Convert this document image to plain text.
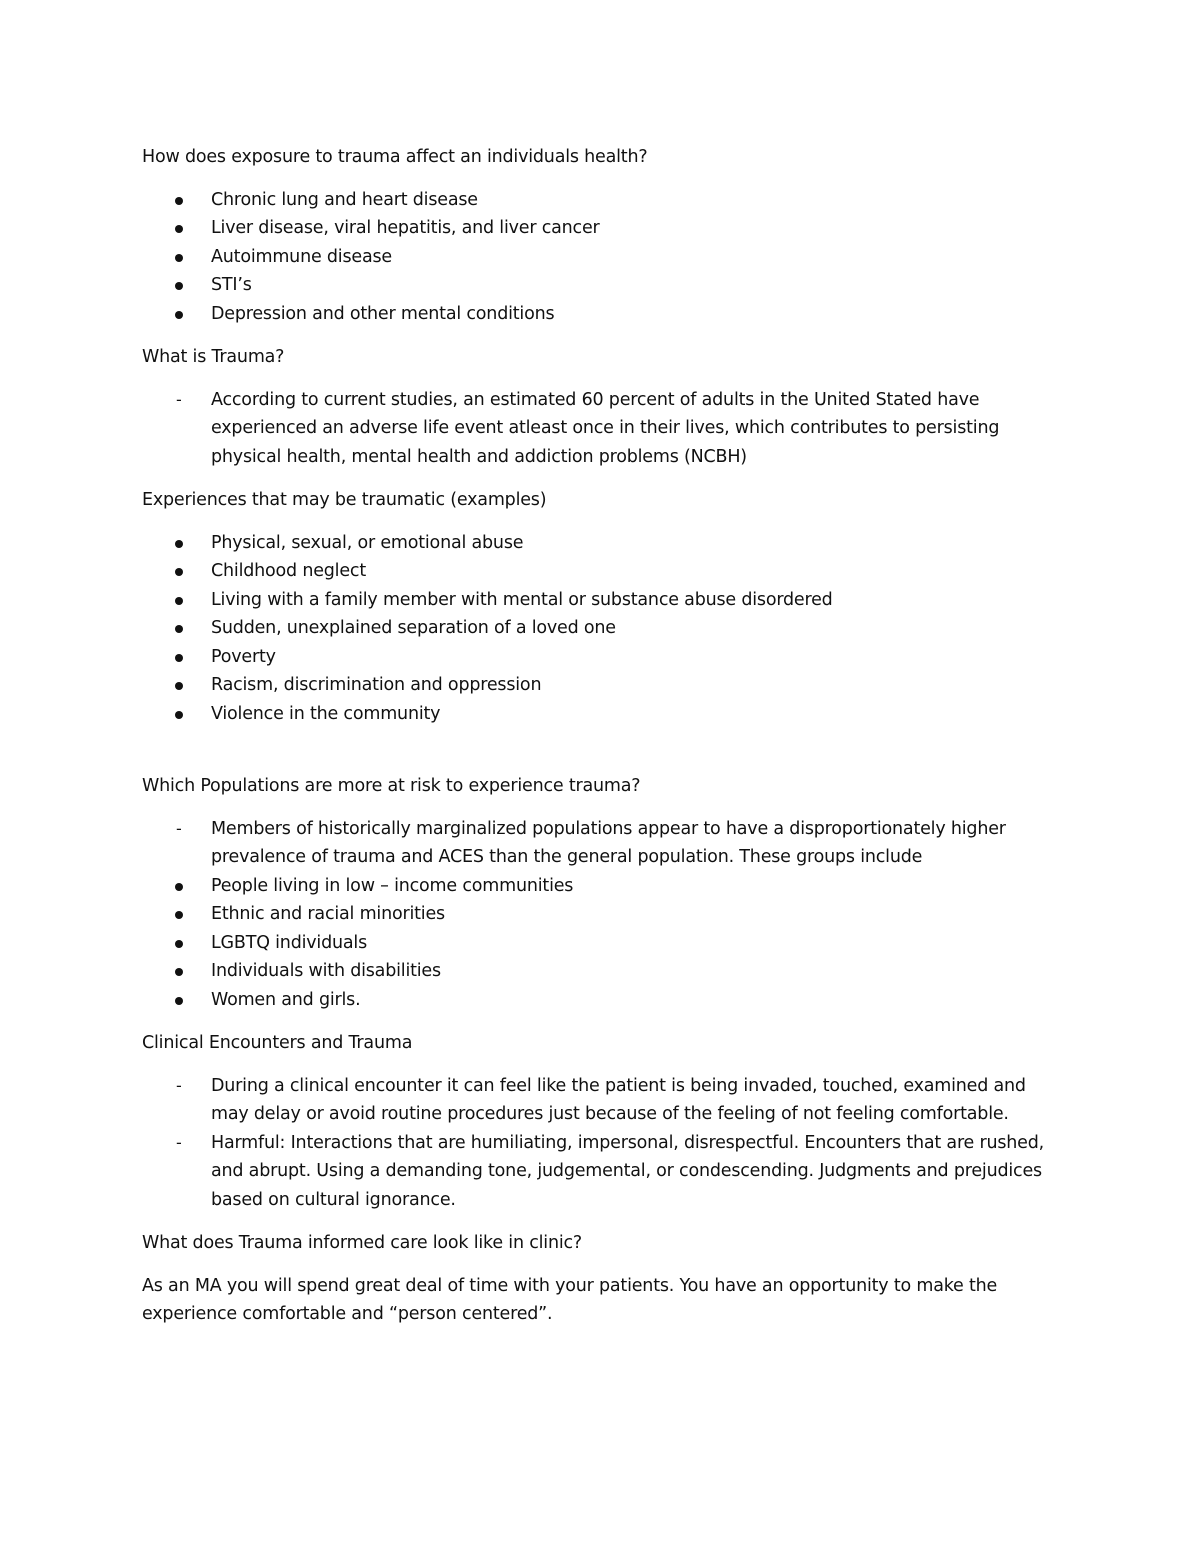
How does exposure to trauma affect an individuals health?

Chronic lung and heart disease
Liver disease, viral hepatitis, and liver cancer
Autoimmune disease
STI’s
Depression and other mental conditions

What is Trauma?

- According to current studies, an estimated 60 percent of adults in the United Stated have experienced an adverse life event atleast once in their lives, which contributes to persisting physical health, mental health and addiction problems (NCBH)

Experiences that may be traumatic (examples)

Physical, sexual, or emotional abuse
Childhood neglect
Living with a family member with mental or substance abuse disordered
Sudden, unexplained separation of a loved one
Poverty
Racism, discrimination and oppression
Violence in the community

Which Populations are more at risk to experience trauma?

- Members of historically marginalized populations appear to have a disproportionately higher prevalence of trauma and ACES than the general population. These groups include
People living in low – income communities
Ethnic and racial minorities
LGBTQ individuals
Individuals with disabilities
Women and girls.

Clinical Encounters and Trauma

- During a clinical encounter it can feel like the patient is being invaded, touched, examined and may delay or avoid routine procedures just because of the feeling of not feeling comfortable.
- Harmful: Interactions that are humiliating, impersonal, disrespectful. Encounters that are rushed, and abrupt. Using a demanding tone, judgemental, or condescending. Judgments and prejudices based on cultural ignorance.

What does Trauma informed care look like in clinic?

As an MA you will spend great deal of time with your patients. You have an opportunity to make the experience comfortable and “person centered”.
